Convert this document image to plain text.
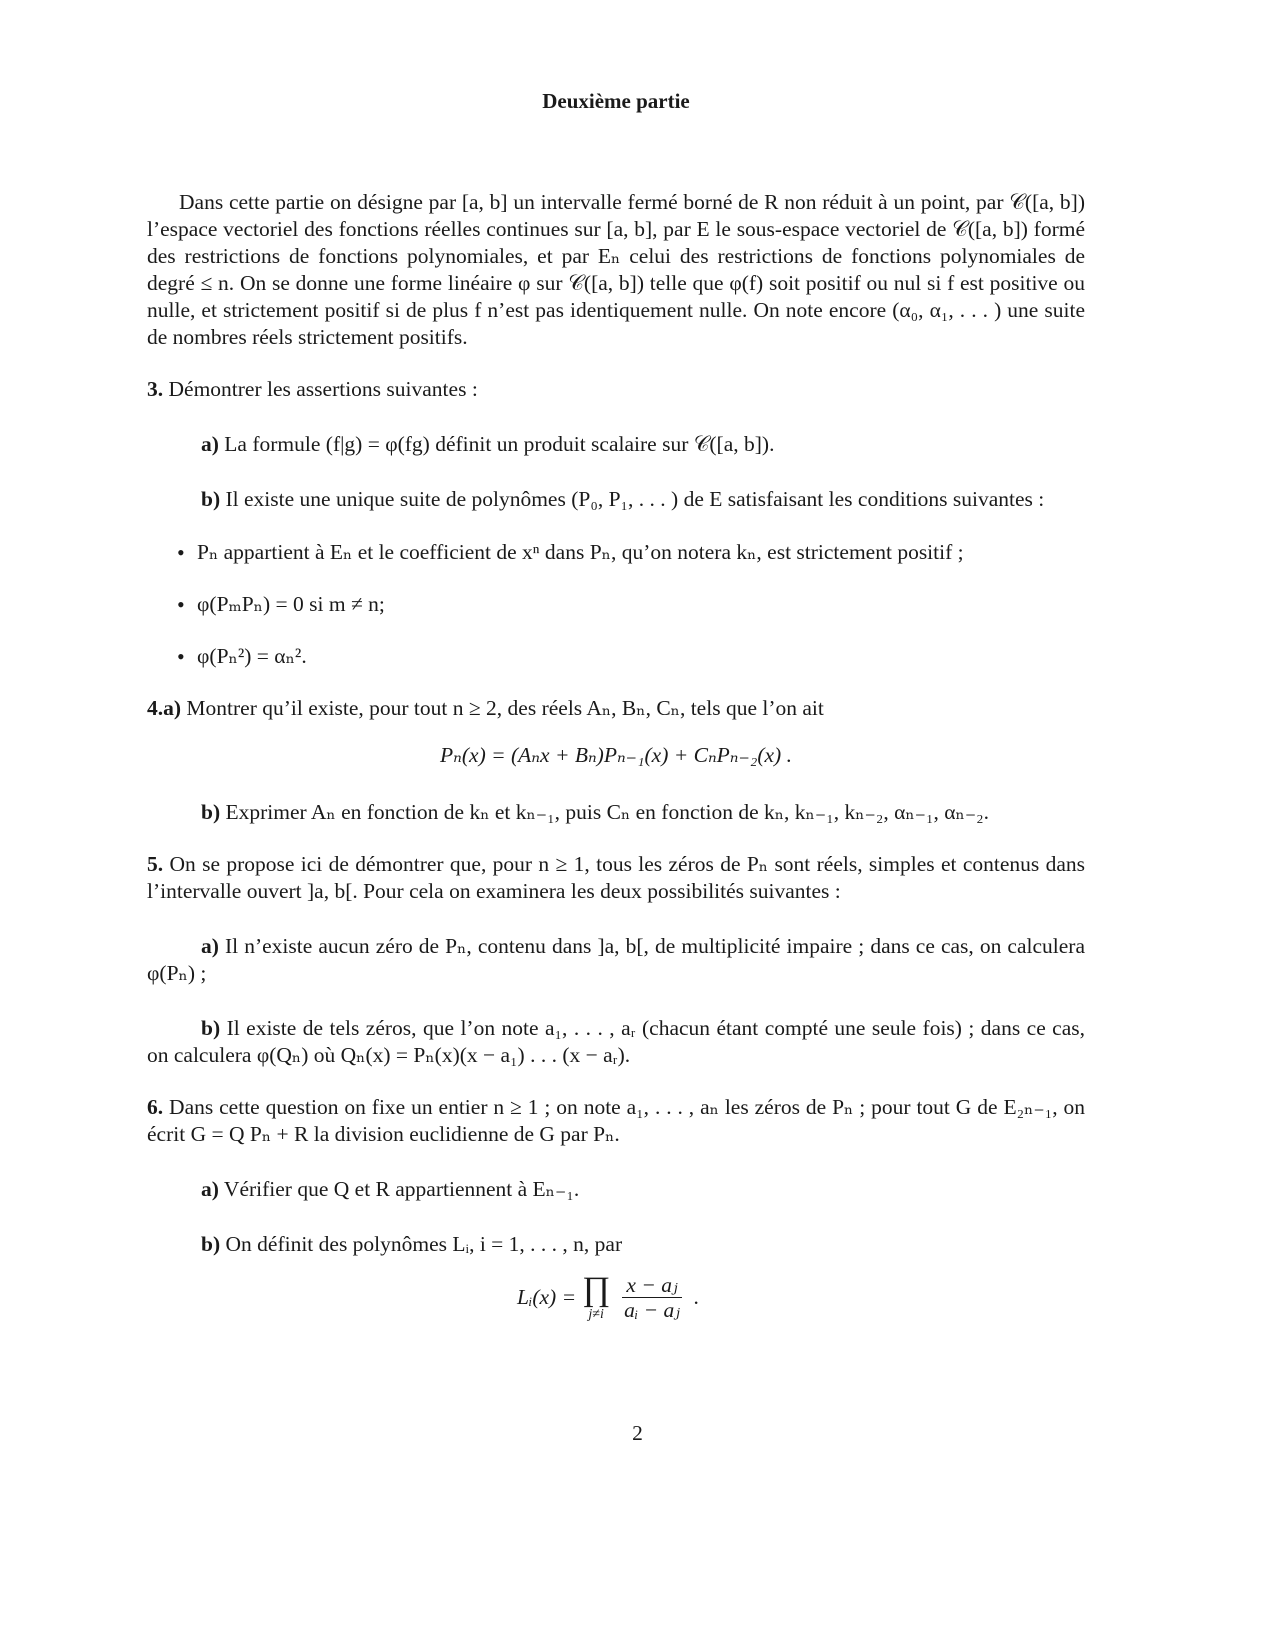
Deuxième partie

Dans cette partie on désigne par [a, b] un intervalle fermé borné de R non réduit à un point, par 𝒞([a, b]) l’espace vectoriel des fonctions réelles continues sur [a, b], par E le sous-espace vectoriel de 𝒞([a, b]) formé des restrictions de fonctions polynomiales, et par Eₙ celui des restrictions de fonctions polynomiales de degré ≤ n. On se donne une forme linéaire φ sur 𝒞([a, b]) telle que φ(f) soit positif ou nul si f est positive ou nulle, et strictement positif si de plus f n’est pas identiquement nulle. On note encore (α₀, α₁, . . . ) une suite de nombres réels strictement positifs.

3. Démontrer les assertions suivantes :

a) La formule (f|g) = φ(fg) définit un produit scalaire sur 𝒞([a, b]).

b) Il existe une unique suite de polynômes (P₀, P₁, . . . ) de E satisfaisant les conditions suivantes :

• Pₙ appartient à Eₙ et le coefficient de xⁿ dans Pₙ, qu’on notera kₙ, est strictement positif ;
• φ(PₘPₙ) = 0 si m ≠ n;
• φ(Pₙ²) = αₙ².

4.a) Montrer qu’il existe, pour tout n ≥ 2, des réels Aₙ, Bₙ, Cₙ, tels que l’on ait

Pₙ(x) = (Aₙx + Bₙ)Pₙ₋₁(x) + CₙPₙ₋₂(x) .

b) Exprimer Aₙ en fonction de kₙ et kₙ₋₁, puis Cₙ en fonction de kₙ, kₙ₋₁, kₙ₋₂, αₙ₋₁, αₙ₋₂.

5. On se propose ici de démontrer que, pour n ≥ 1, tous les zéros de Pₙ sont réels, simples et contenus dans l’intervalle ouvert ]a, b[. Pour cela on examinera les deux possibilités suivantes :

a) Il n’existe aucun zéro de Pₙ, contenu dans ]a, b[, de multiplicité impaire ; dans ce cas, on calculera φ(Pₙ) ;

b) Il existe de tels zéros, que l’on note a₁, . . . , aᵣ (chacun étant compté une seule fois) ; dans ce cas, on calculera φ(Qₙ) où Qₙ(x) = Pₙ(x)(x − a₁) . . . (x − aᵣ).

6. Dans cette question on fixe un entier n ≥ 1 ; on note a₁, . . . , aₙ les zéros de Pₙ ; pour tout G de E₂ₙ₋₁, on écrit G = Q Pₙ + R la division euclidienne de G par Pₙ.

a) Vérifier que Q et R appartiennent à Eₙ₋₁.

b) On définit des polynômes Lᵢ, i = 1, . . . , n, par

Lᵢ(x) = ∏
$j\ne i \frac{\text{x − aⱼ}}{\text{aᵢ − aⱼ}}$ .
2
